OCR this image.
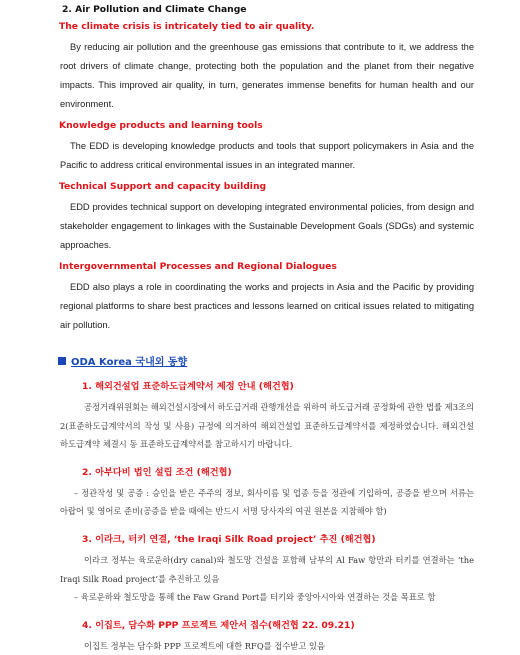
2. Air Pollution and Climate Change
The climate crisis is intricately tied to air quality.

By reducing air pollution and the greenhouse gas emissions that contribute to it, we address the root drivers of climate change, protecting both the population and the planet from their negative impacts. This improved air quality, in turn, generates immense benefits for human health and our environment.

Knowledge products and learning tools

The EDD is developing knowledge products and tools that support policymakers in Asia and the Pacific to address critical environmental issues in an integrated manner.

Technical Support and capacity building

EDD provides technical support on developing integrated environmental policies, from design and stakeholder engagement to linkages with the Sustainable Development Goals (SDGs) and systemic approaches.

Intergovernmental Processes and Regional Dialogues

EDD also plays a role in coordinating the works and projects in Asia and the Pacific by providing regional platforms to share best practices and lessons learned on critical issues related to mitigating air pollution.

ODA Korea 국내외 동향
1. 해외건설업 표준하도급계약서 제정 안내 (해건협)

공정거래위원회는 해외건설시장에서 하도급거래 관행개선을 위하여 하도급거래 공정화에 관한 법률 제3조의2(표준하도급계약서의 작성 및 사용) 규정에 의거하여 해외건설업 표준하도급계약서를 제정하였습니다. 해외건설 하도급계약 체결시 동 표준하도급계약서를 참고하시기 바랍니다.

2. 아부다비 법인 설립 조건 (해건협)

– 정관작성 및 공증 : 승인을 받은 주주의 정보, 회사이름 및 업종 등을 정관에 기입하여, 공증을 받으며 서류는 아랍어 및 영어로 준비(공증을 받을 때에는 반드시 서명 당사자의 여권 원본을 지참해야 함)

3. 이라크, 터키 연결, ‘the Iraqi Silk Road project’ 추진 (해건협)

이라크 정부는 육로운하(dry canal)와 철도망 건설을 포함해 남부의 Al Faw 항만과 터키를 연결하는 ‘the Iraqi Silk Road project’를 추진하고 있음

– 육로운하와 철도망을 통해 the Faw Grand Port를 터키와 중앙아시아와 연결하는 것을 목표로 함

4. 이집트, 담수화 PPP 프로젝트 제안서 접수(해건협 22. 09.21)

이집트 정부는 담수화 PPP 프로젝트에 대한 RFQ를 접수받고 있음
